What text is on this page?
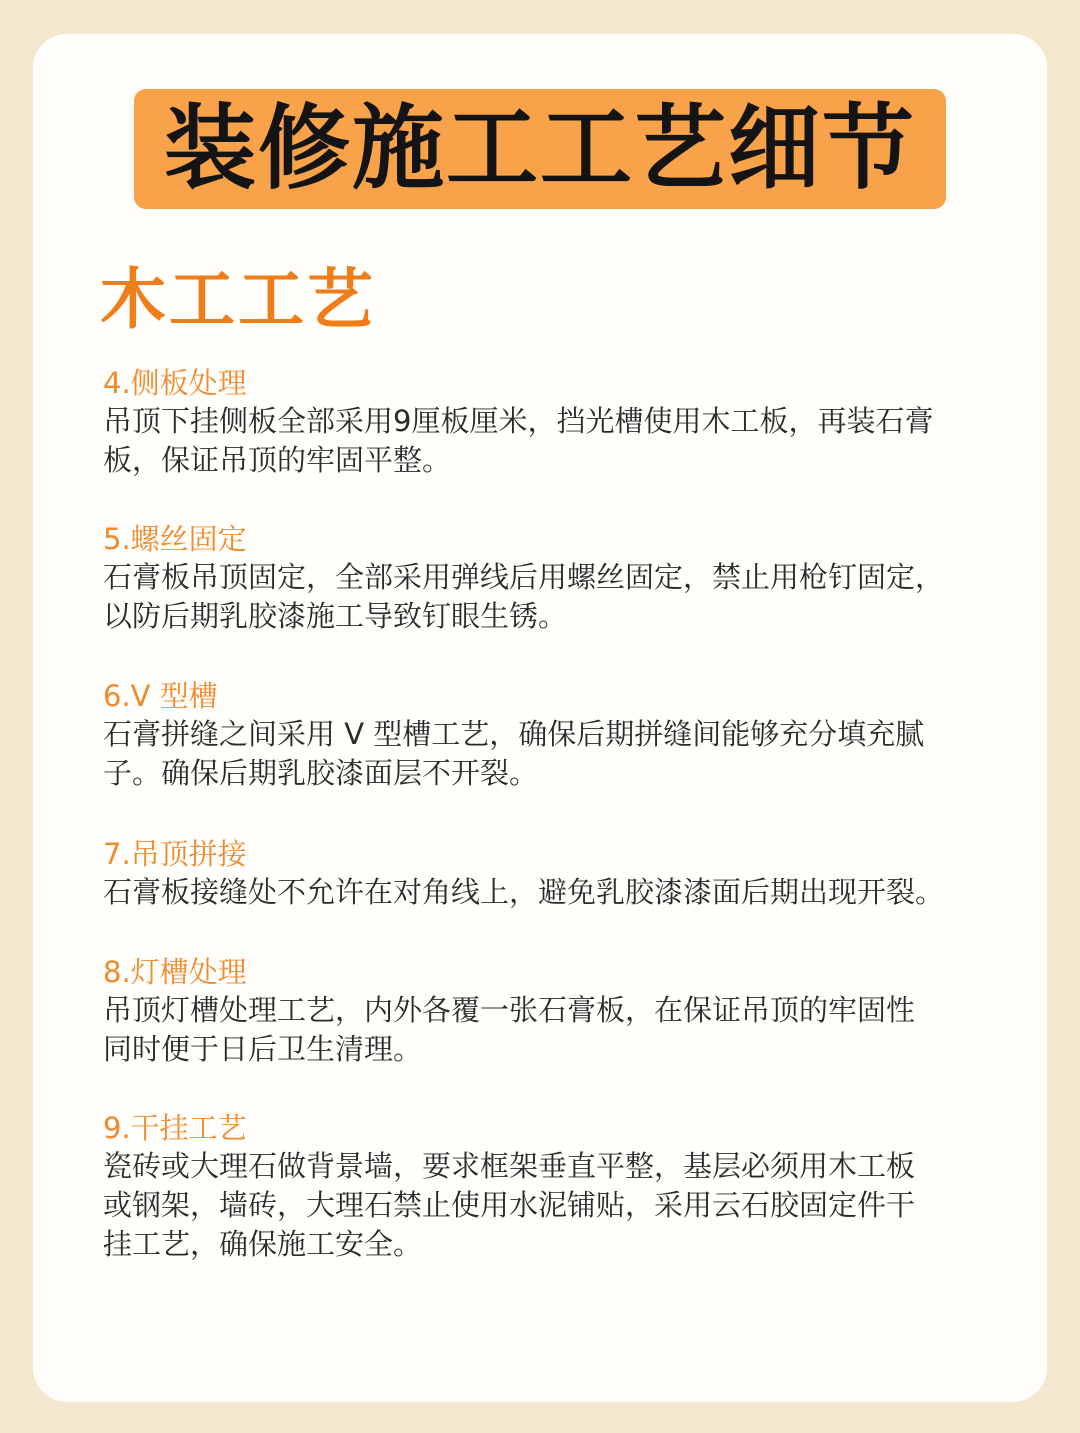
装修施工工艺细节
木工工艺
4.侧板处理
吊顶下挂侧板全部采用9厘板厘米，挡光槽使用木工板，再装石膏
板，保证吊顶的牢固平整。
5.螺丝固定
石膏板吊顶固定，全部采用弹线后用螺丝固定，禁止用枪钉固定，
以防后期乳胶漆施工导致钉眼生锈。
6.V 型槽
石膏拼缝之间采用 V 型槽工艺，确保后期拼缝间能够充分填充腻
子。确保后期乳胶漆面层不开裂。
7.吊顶拼接
石膏板接缝处不允许在对角线上，避免乳胶漆漆面后期出现开裂。
8.灯槽处理
吊顶灯槽处理工艺，内外各覆一张石膏板，在保证吊顶的牢固性
同时便于日后卫生清理。
9.干挂工艺
瓷砖或大理石做背景墙，要求框架垂直平整，基层必须用木工板
或钢架，墙砖，大理石禁止使用水泥铺贴，采用云石胶固定件干
挂工艺，确保施工安全。
